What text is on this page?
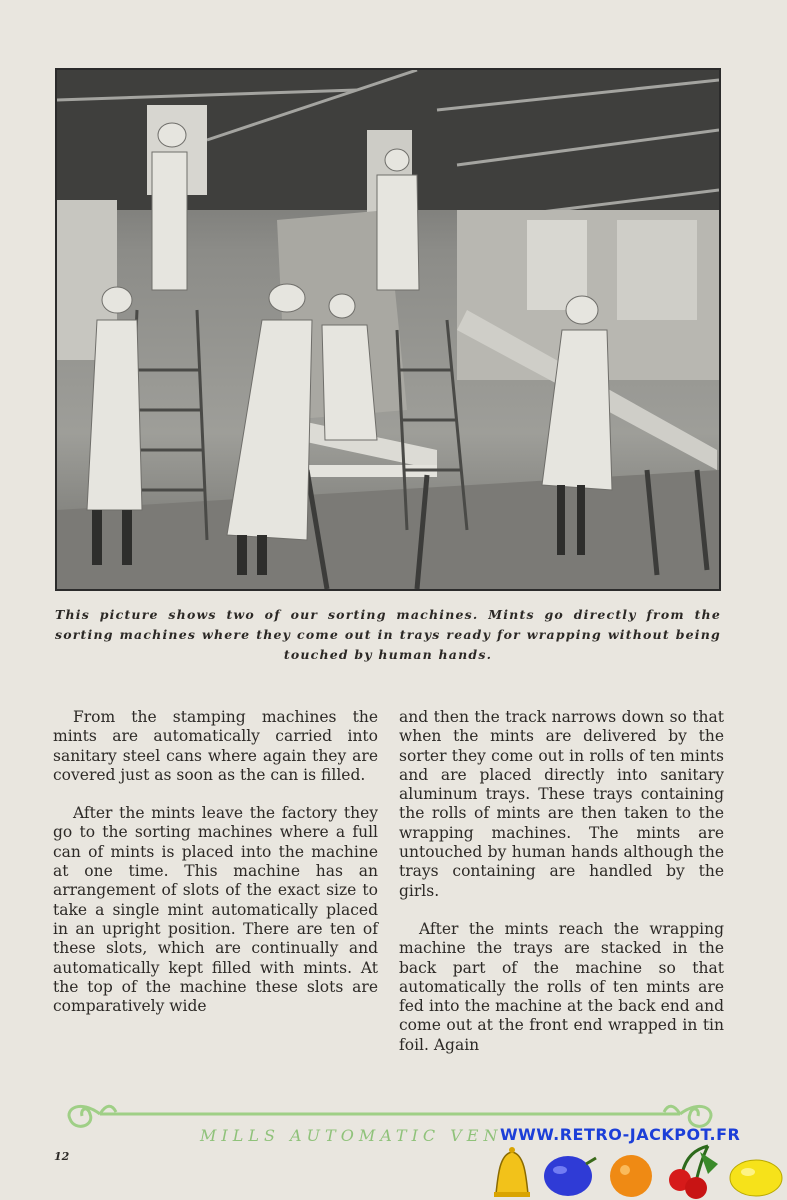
This picture shows two of our sorting machines. Mints go directly from the sorting machines where they come out in trays ready for wrapping without being touched by human hands.

From the stamping machines the mints are automatically carried into sanitary steel cans where again they are covered just as soon as the can is filled.

After the mints leave the factory they go to the sorting machines where a full can of mints is placed into the machine at one time. This machine has an arrangement of slots of the exact size to take a single mint automatically placed in an upright position. There are ten of these slots, which are continually and automatically kept filled with mints. At the top of the machine these slots are comparatively wide

and then the track narrows down so that when the mints are delivered by the sorter they come out in rolls of ten mints and are placed directly into sanitary aluminum trays. These trays containing the rolls of mints are then taken to the wrapping machines. The mints are untouched by human hands although the trays containing are handled by the girls.

After the mints reach the wrapping machine the trays are stacked in the back part of the machine so that automatically the rolls of ten mints are fed into the machine at the back end and come out at the front end wrapped in tin foil. Again

MILLS AUTOMATIC VEN
12
WWW.RETRO-JACKPOT.FR
